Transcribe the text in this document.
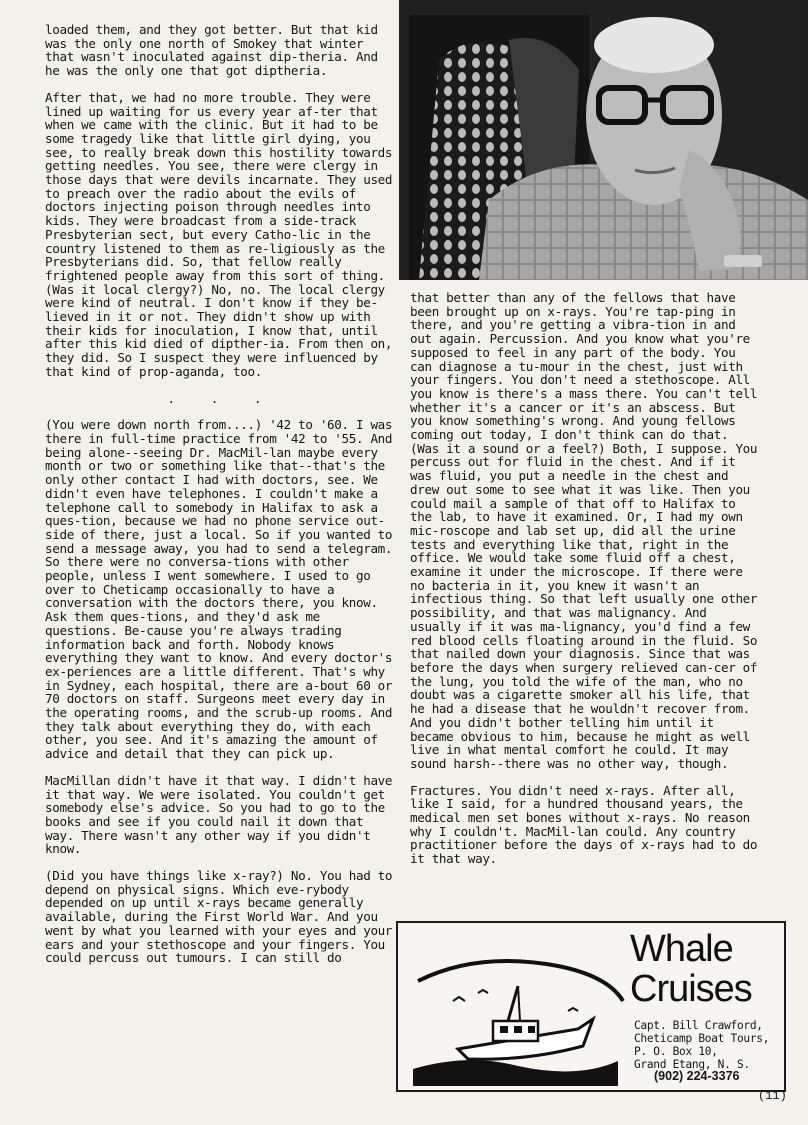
loaded them, and they got better. But that kid was the only one north of Smokey that winter that wasn't inoculated against dip-theria. And he was the only one that got diptheria.

After that, we had no more trouble. They were lined up waiting for us every year af-ter that when we came with the clinic. But it had to be some tragedy like that little girl dying, you see, to really break down this hostility towards getting needles. You see, there were clergy in those days that were devils incarnate. They used to preach over the radio about the evils of doctors injecting poison through needles into kids. They were broadcast from a side-track Presbyterian sect, but every Catho-lic in the country listened to them as re-ligiously as the Presbyterians did. So, that fellow really frightened people away from this sort of thing. (Was it local clergy?) No, no. The local clergy were kind of neutral. I don't know if they be-lieved in it or not. They didn't show up with their kids for inoculation, I know that, until after this kid died of dipther-ia. From then on, they did. So I suspect they were influenced by that kind of prop-aganda, too.

. . .

(You were down north from....) '42 to '60. I was there in full-time practice from '42 to '55. And being alone--seeing Dr. MacMil-lan maybe every month or two or something like that--that's the only other contact I had with doctors, see. We didn't even have telephones. I couldn't make a telephone call to somebody in Halifax to ask a ques-tion, because we had no phone service out-side of there, just a local. So if you wanted to send a message away, you had to send a telegram. So there were no conversa-tions with other people, unless I went somewhere. I used to go over to Cheticamp occasionally to have a conversation with the doctors there, you know. Ask them ques-tions, and they'd ask me questions. Be-cause you're always trading information back and forth. Nobody knows everything they want to know. And every doctor's ex-periences are a little different. That's why in Sydney, each hospital, there are a-bout 60 or 70 doctors on staff. Surgeons meet every day in the operating rooms, and the scrub-up rooms. And they talk about everything they do, with each other, you see. And it's amazing the amount of advice and detail that they can pick up.

MacMillan didn't have it that way. I didn't have it that way. We were isolated. You couldn't get somebody else's advice. So you had to go to the books and see if you could nail it down that way. There wasn't any other way if you didn't know.

(Did you have things like x-ray?) No. You had to depend on physical signs. Which eve-rybody depended on up until x-rays became generally available, during the First World War. And you went by what you learned with your eyes and your ears and your stethoscope and your fingers. You could percuss out tumours. I can still do

that better than any of the fellows that have been brought up on x-rays. You're tap-ping in there, and you're getting a vibra-tion in and out again. Percussion. And you know what you're supposed to feel in any part of the body. You can diagnose a tu-mour in the chest, just with your fingers. You don't need a stethoscope. All you know is there's a mass there. You can't tell whether it's a cancer or it's an abscess. But you know something's wrong. And young fellows coming out today, I don't think can do that. (Was it a sound or a feel?) Both, I suppose. You percuss out for fluid in the chest. And if it was fluid, you put a needle in the chest and drew out some to see what it was like. Then you could mail a sample of that off to Halifax to the lab, to have it examined. Or, I had my own mic-roscope and lab set up, did all the urine tests and everything like that, right in the office. We would take some fluid off a chest, examine it under the microscope. If there were no bacteria in it, you knew it wasn't an infectious thing. So that left usually one other possibility, and that was malignancy. And usually if it was ma-lignancy, you'd find a few red blood cells floating around in the fluid. So that nailed down your diagnosis. Since that was before the days when surgery relieved can-cer of the lung, you told the wife of the man, who no doubt was a cigarette smoker all his life, that he had a disease that he wouldn't recover from. And you didn't bother telling him until it became obvious to him, because he might as well live in what mental comfort he could. It may sound harsh--there was no other way, though.

Fractures. You didn't need x-rays. After all, like I said, for a hundred thousand years, the medical men set bones without x-rays. No reason why I couldn't. MacMil-lan could. Any country practitioner before the days of x-rays had to do it that way.

Whale
Cruises
Capt. Bill Crawford,
Cheticamp Boat Tours,
P. O. Box 10,
Grand Etang, N. S.
(902) 224-3376
(11)
